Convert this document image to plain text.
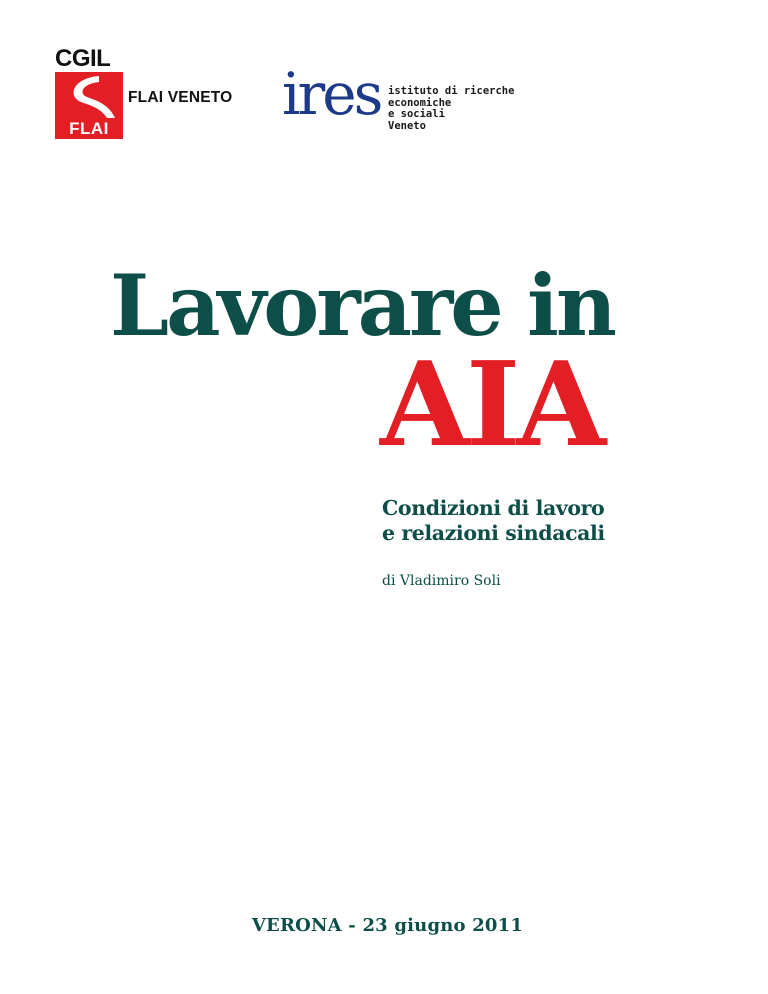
CGIL
FLAI
FLAI VENETO ires istituto di ricerche
economiche
e sociali
Veneto
Lavorare in
AIA
Condizioni di lavoro
e relazioni sindacali
di Vladimiro Soli
VERONA - 23 giugno 2011
